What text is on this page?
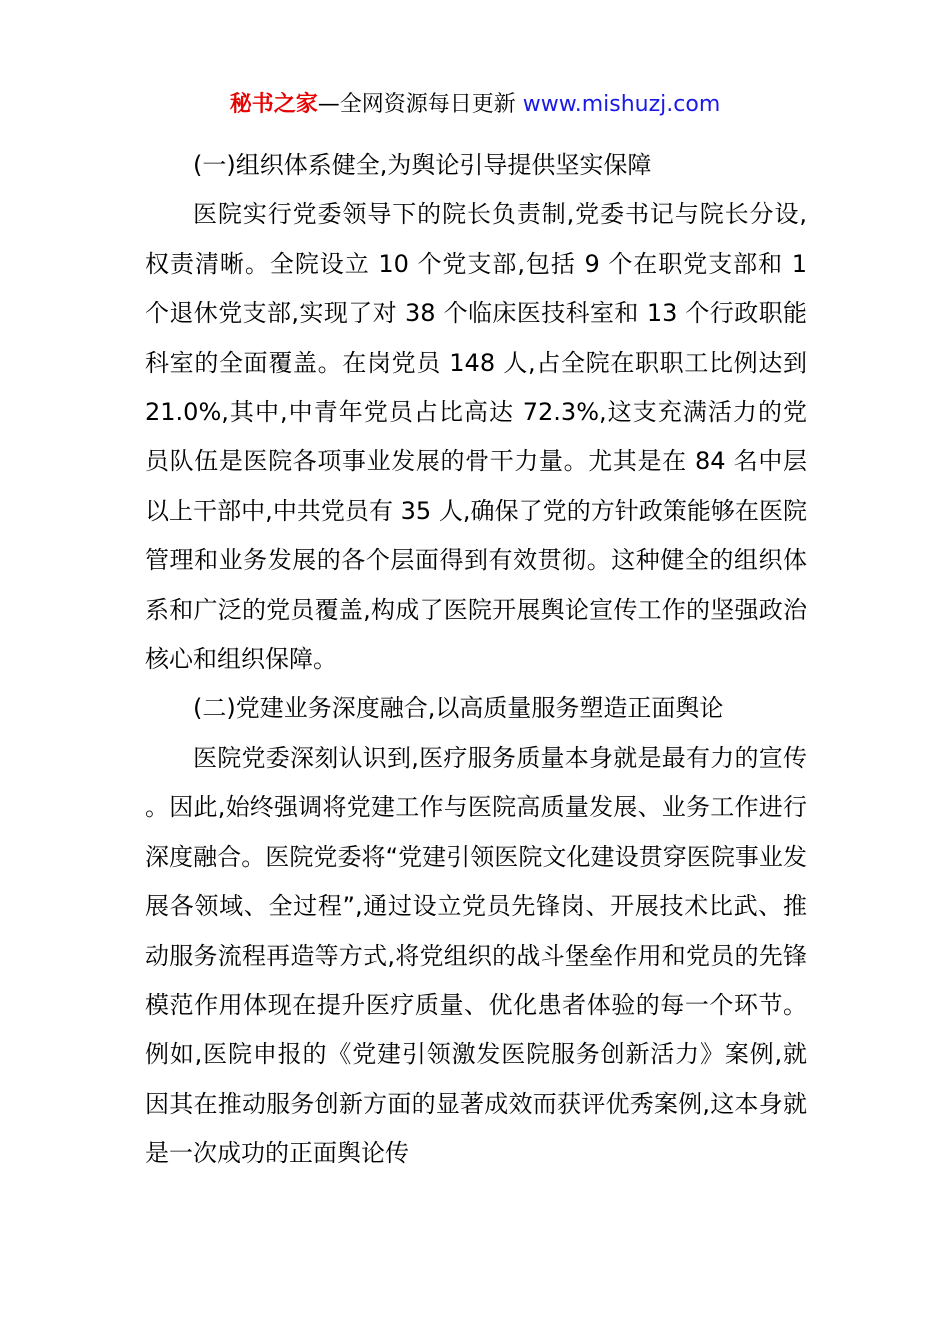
秘书之家—全网资源每日更新 www.mishuzj.com

(一)组织体系健全,为舆论引导提供坚实保障

医院实行党委领导下的院长负责制,党委书记与院长分设,权责清晰。全院设立 10 个党支部,包括 9 个在职党支部和 1 个退休党支部,实现了对 38 个临床医技科室和 13 个行政职能科室的全面覆盖。在岗党员 148 人,占全院在职职工比例达到 21.0%,其中,中青年党员占比高达 72.3%,这支充满活力的党员队伍是医院各项事业发展的骨干力量。尤其是在 84 名中层以上干部中,中共党员有 35 人,确保了党的方针政策能够在医院管理和业务发展的各个层面得到有效贯彻。这种健全的组织体系和广泛的党员覆盖,构成了医院开展舆论宣传工作的坚强政治核心和组织保障。

(二)党建业务深度融合,以高质量服务塑造正面舆论

医院党委深刻认识到,医疗服务质量本身就是最有力的宣传。因此,始终强调将党建工作与医院高质量发展、业务工作进行深度融合。医院党委将“党建引领医院文化建设贯穿医院事业发展各领域、全过程”,通过设立党员先锋岗、开展技术比武、推动服务流程再造等方式,将党组织的战斗堡垒作用和党员的先锋模范作用体现在提升医疗质量、优化患者体验的每一个环节。例如,医院申报的《党建引领激发医院服务创新活力》案例,就因其在推动服务创新方面的显著成效而获评优秀案例,这本身就是一次成功的正面舆论传
